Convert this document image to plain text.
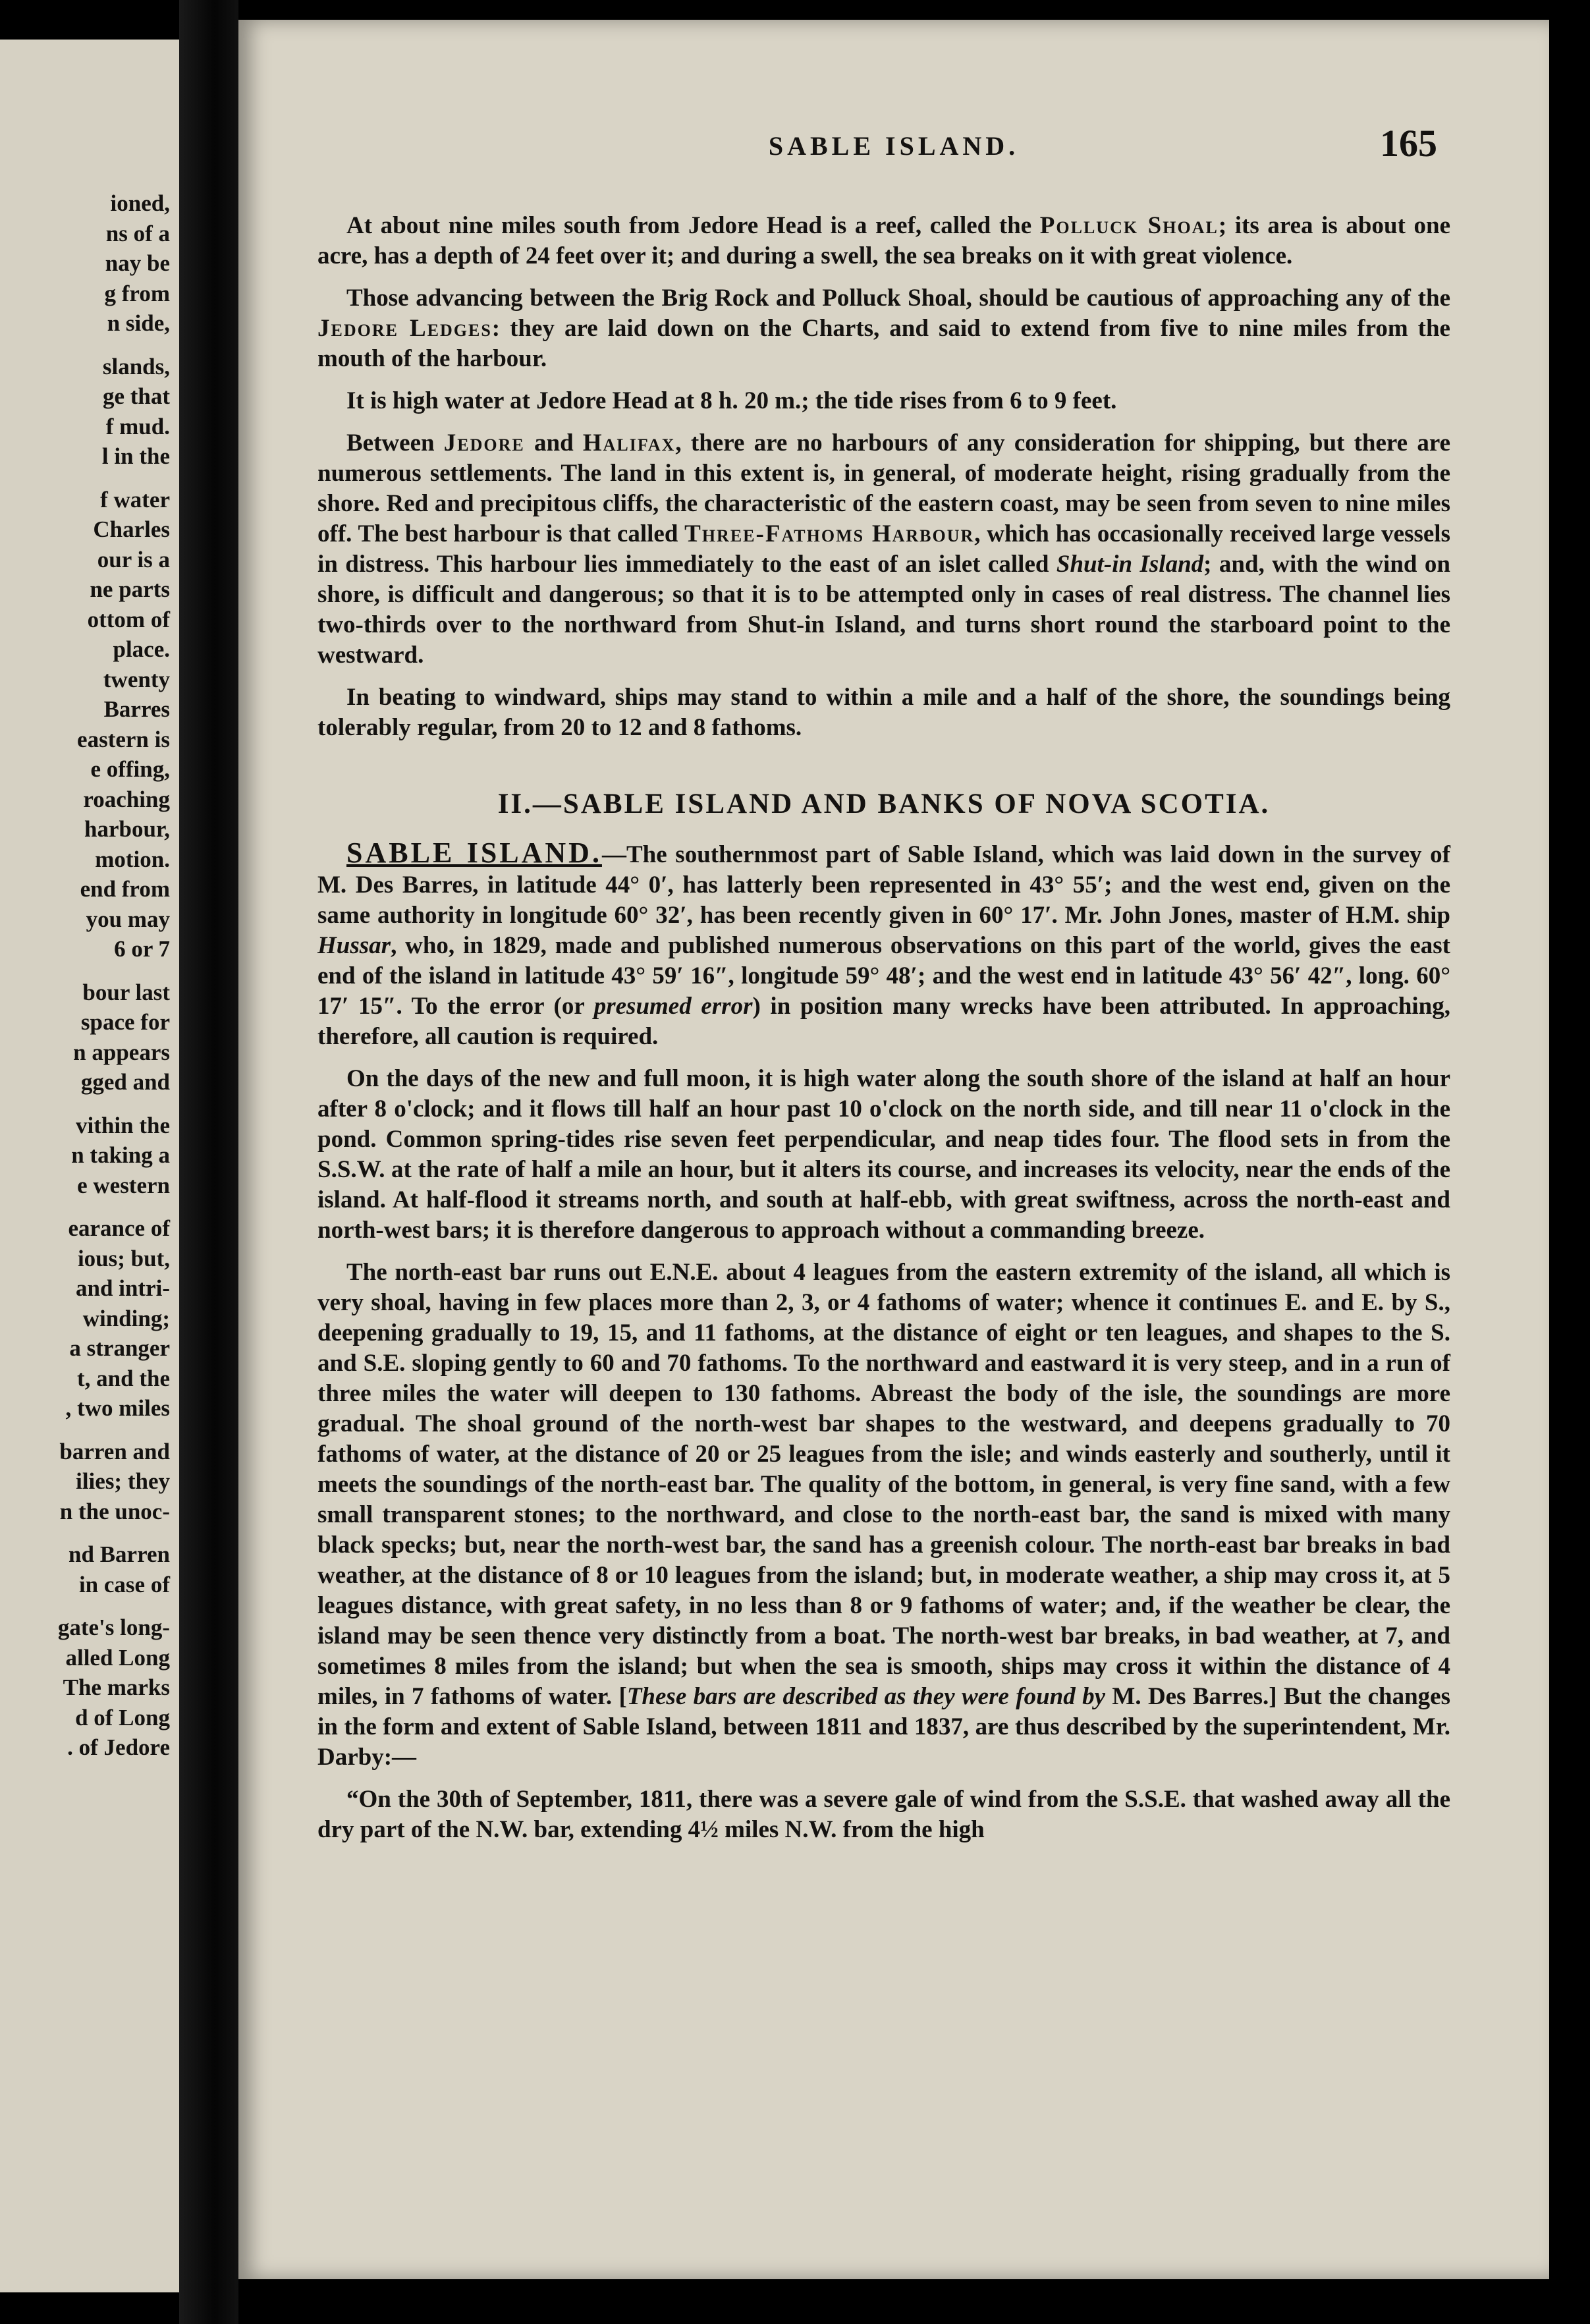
ioned,
ns of a
nay be
g from
n side,
slands,
ge that
f mud.
l in the
f water
Charles
our is a
ne parts
ottom of
place.
twenty
Barres
eastern is
e offing,
roaching
harbour,
motion.
end from
you may
6 or 7
bour last
space for
n appears
gged and
vithin the
n taking a
e western
earance of
ious; but,
and intri-
winding;
a stranger
t, and the
, two miles
barren and
ilies; they
n the unoc-
nd Barren
in case of
gate's long-
alled Long
The marks
d of Long
. of Jedore
SABLE ISLAND.	165

At about nine miles south from Jedore Head is a reef, called the Polluck Shoal; its area is about one acre, has a depth of 24 feet over it; and during a swell, the sea breaks on it with great violence.

Those advancing between the Brig Rock and Polluck Shoal, should be cautious of approaching any of the Jedore Ledges: they are laid down on the Charts, and said to extend from five to nine miles from the mouth of the harbour.

It is high water at Jedore Head at 8 h. 20 m.; the tide rises from 6 to 9 feet.

Between Jedore and Halifax, there are no harbours of any consideration for shipping, but there are numerous settlements. The land in this extent is, in general, of moderate height, rising gradually from the shore. Red and precipitous cliffs, the characteristic of the eastern coast, may be seen from seven to nine miles off. The best harbour is that called Three-Fathoms Harbour, which has occasionally received large vessels in distress. This harbour lies immediately to the east of an islet called Shut-in Island; and, with the wind on shore, is difficult and dangerous; so that it is to be attempted only in cases of real distress. The channel lies two-thirds over to the northward from Shut-in Island, and turns short round the starboard point to the westward.

In beating to windward, ships may stand to within a mile and a half of the shore, the soundings being tolerably regular, from 20 to 12 and 8 fathoms.

II.—SABLE ISLAND AND BANKS OF NOVA SCOTIA.

SABLE ISLAND.—The southernmost part of Sable Island, which was laid down in the survey of M. Des Barres, in latitude 44° 0′, has latterly been represented in 43° 55′; and the west end, given on the same authority in longitude 60° 32′, has been recently given in 60° 17′. Mr. John Jones, master of H.M. ship Hussar, who, in 1829, made and published numerous observations on this part of the world, gives the east end of the island in latitude 43° 59′ 16″, longitude 59° 48′; and the west end in latitude 43° 56′ 42″, long. 60° 17′ 15″. To the error (or presumed error) in position many wrecks have been attributed. In approaching, therefore, all caution is required.

On the days of the new and full moon, it is high water along the south shore of the island at half an hour after 8 o'clock; and it flows till half an hour past 10 o'clock on the north side, and till near 11 o'clock in the pond. Common spring-tides rise seven feet perpendicular, and neap tides four. The flood sets in from the S.S.W. at the rate of half a mile an hour, but it alters its course, and increases its velocity, near the ends of the island. At half-flood it streams north, and south at half-ebb, with great swiftness, across the north-east and north-west bars; it is therefore dangerous to approach without a commanding breeze.

The north-east bar runs out E.N.E. about 4 leagues from the eastern extremity of the island, all which is very shoal, having in few places more than 2, 3, or 4 fathoms of water; whence it continues E. and E. by S., deepening gradually to 19, 15, and 11 fathoms, at the distance of eight or ten leagues, and shapes to the S. and S.E. sloping gently to 60 and 70 fathoms. To the northward and eastward it is very steep, and in a run of three miles the water will deepen to 130 fathoms. Abreast the body of the isle, the soundings are more gradual. The shoal ground of the north-west bar shapes to the westward, and deepens gradually to 70 fathoms of water, at the distance of 20 or 25 leagues from the isle; and winds easterly and southerly, until it meets the soundings of the north-east bar. The quality of the bottom, in general, is very fine sand, with a few small transparent stones; to the northward, and close to the north-east bar, the sand is mixed with many black specks; but, near the north-west bar, the sand has a greenish colour. The north-east bar breaks in bad weather, at the distance of 8 or 10 leagues from the island; but, in moderate weather, a ship may cross it, at 5 leagues distance, with great safety, in no less than 8 or 9 fathoms of water; and, if the weather be clear, the island may be seen thence very distinctly from a boat. The north-west bar breaks, in bad weather, at 7, and sometimes 8 miles from the island; but when the sea is smooth, ships may cross it within the distance of 4 miles, in 7 fathoms of water. [These bars are described as they were found by M. Des Barres.] But the changes in the form and extent of Sable Island, between 1811 and 1837, are thus described by the superintendent, Mr. Darby:—

“On the 30th of September, 1811, there was a severe gale of wind from the S.S.E. that washed away all the dry part of the N.W. bar, extending 4½ miles N.W. from the high
